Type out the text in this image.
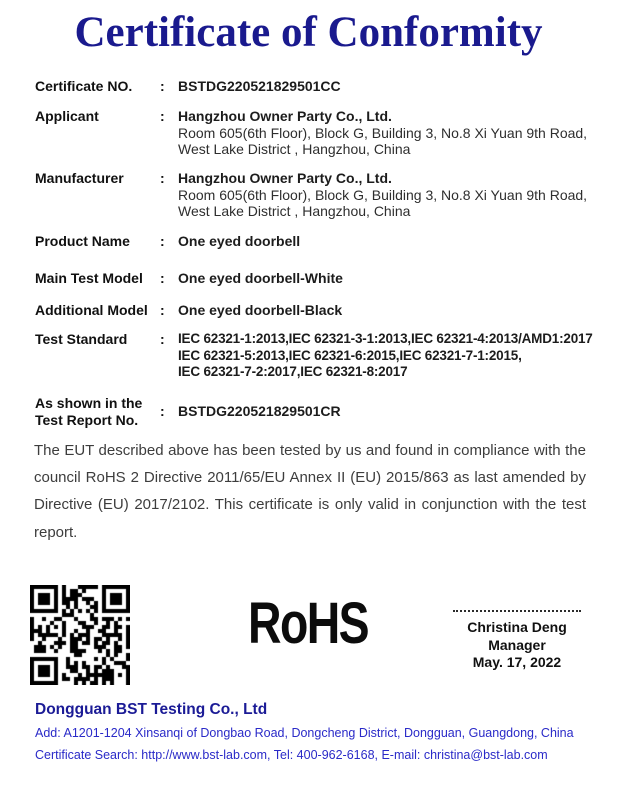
Certificate of Conformity
Certificate NO.	: BSTDG220521829501CC
Applicant	: Hangzhou Owner Party Co., Ltd.
Room 605(6th Floor), Block G, Building 3, No.8 Xi Yuan 9th Road, West Lake District , Hangzhou, China
Manufacturer	: Hangzhou Owner Party Co., Ltd.
Room 605(6th Floor), Block G, Building 3, No.8 Xi Yuan 9th Road, West Lake District , Hangzhou, China
Product Name	: One eyed doorbell
Main Test Model	: One eyed doorbell-White
Additional Model : One eyed doorbell-Black
Test Standard	: IEC 62321-1:2013,IEC 62321-3-1:2013,IEC 62321-4:2013/AMD1:2017
IEC 62321-5:2013,IEC 62321-6:2015,IEC 62321-7-1:2015,
IEC 62321-7-2:2017,IEC 62321-8:2017
As shown in the
Test Report No.
: BSTDG220521829501CR

The EUT described above has been tested by us and found in compliance with the council RoHS 2 Directive 2011/65/EU Annex II (EU) 2015/863 as last amended by Directive (EU) 2017/2102. This certificate is only valid in conjunction with the test report.

RoHS	Christina Deng
Manager
May. 17, 2022
Dongguan BST Testing Co., Ltd
Add: A1201-1204 Xinsanqi of Dongbao Road, Dongcheng District, Dongguan, Guangdong, China
Certificate Search: http://www.bst-lab.com, Tel: 400-962-6168, E-mail: christina@bst-lab.com
